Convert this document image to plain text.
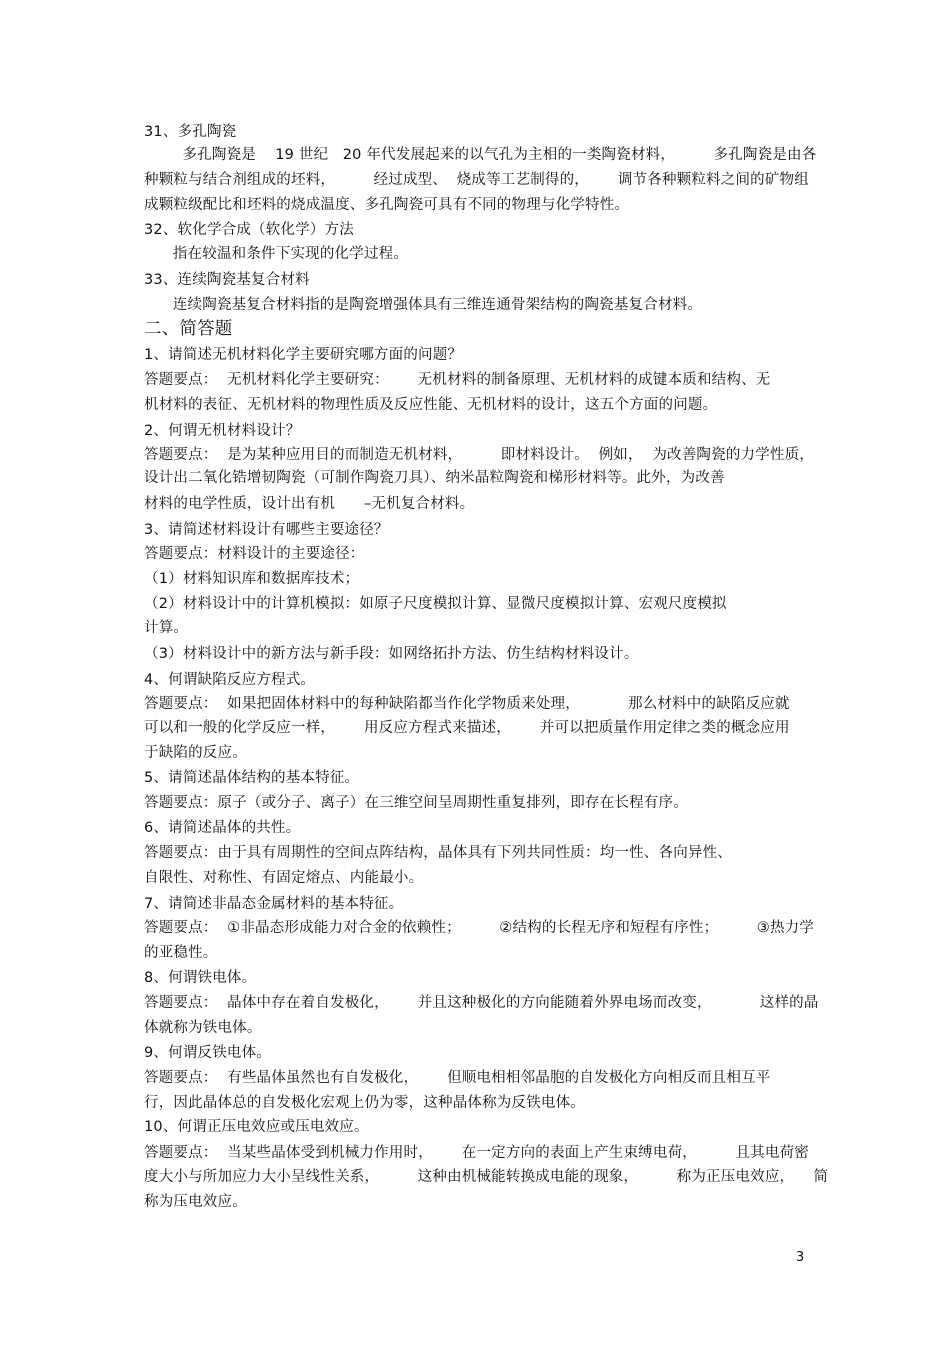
31、多孔陶瓷
多孔陶瓷是    19 世纪   20 年代发展起来的以气孔为主相的一类陶瓷材料，        多孔陶瓷是由各
种颗粒与结合剂组成的坯料，        经过成型、  烧成等工艺制得的，      调节各种颗粒料之间的矿物组
成颗粒级配比和坯料的烧成温度、多孔陶瓷可具有不同的物理与化学特性。
32、软化学合成（软化学）方法
指在较温和条件下实现的化学过程。
33、连续陶瓷基复合材料
连续陶瓷基复合材料指的是陶瓷增强体具有三维连通骨架结构的陶瓷基复合材料。
二、简答题
1、请简述无机材料化学主要研究哪方面的问题？
答题要点：  无机材料化学主要研究：      无机材料的制备原理、无机材料的成键本质和结构、无
机材料的表征、无机材料的物理性质及反应性能、无机材料的设计，这五个方面的问题。
2、何谓无机材料设计？
答题要点：  是为某种应用目的而制造无机材料，        即材料设计。  例如，  为改善陶瓷的力学性质，
设计出二氧化锆增韧陶瓷（可制作陶瓷刀具）、纳米晶粒陶瓷和梯形材料等。此外，为改善
材料的电学性质，设计出有机      –无机复合材料。
3、请简述材料设计有哪些主要途径？
答题要点：材料设计的主要途径：
（1）材料知识库和数据库技术；
（2）材料设计中的计算机模拟：如原子尺度模拟计算、显微尺度模拟计算、宏观尺度模拟
计算。
（3）材料设计中的新方法与新手段：如网络拓扑方法、仿生结构材料设计。
4、何谓缺陷反应方程式。
答题要点：  如果把固体材料中的每种缺陷都当作化学物质来处理，          那么材料中的缺陷反应就
可以和一般的化学反应一样，      用反应方程式来描述，      并可以把质量作用定律之类的概念应用
于缺陷的反应。
5、请简述晶体结构的基本特征。
答题要点：原子（或分子、离子）在三维空间呈周期性重复排列，即存在长程有序。
6、请简述晶体的共性。
答题要点：由于具有周期性的空间点阵结构，晶体具有下列共同性质：均一性、各向异性、
自限性、对称性、有固定熔点、内能最小。
7、请简述非晶态金属材料的基本特征。
答题要点：  ①非晶态形成能力对合金的依赖性；        ②结构的长程无序和短程有序性；        ③热力学
的亚稳性。
8、何谓铁电体。
答题要点：  晶体中存在着自发极化，      并且这种极化的方向能随着外界电场而改变，          这样的晶
体就称为铁电体。
9、何谓反铁电体。
答题要点：  有些晶体虽然也有自发极化，      但顺电相相邻晶胞的自发极化方向相反而且相互平
行，因此晶体总的自发极化宏观上仍为零，这种晶体称为反铁电体。
10、何谓正压电效应或压电效应。
答题要点：  当某些晶体受到机械力作用时，      在一定方向的表面上产生束缚电荷，        且其电荷密
度大小与所加应力大小呈线性关系，        这种由机械能转换成电能的现象，        称为正压电效应，    简
称为压电效应。
3
